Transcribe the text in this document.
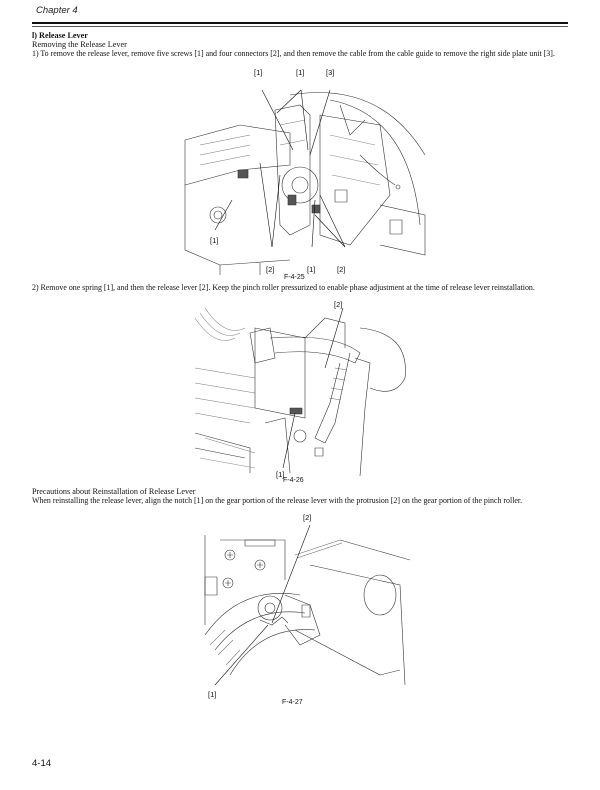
Chapter 4
l) Release Lever
Removing the Release Lever
1) To remove the release lever, remove five screws [1] and four connectors [2], and then remove the cable from the cable guide to remove the right side plate unit [3].
[1]	[1]	[3]
[1]
[2]	[1]	[2]
F-4-25
2) Remove one spring [1], and then the release lever [2]. Keep the pinch roller pressurized to enable phase adjustment at the time of release lever reinstallation.
[2]
[1]
F-4-26
Precautions about Reinstallation of Release Lever
When reinstalling the release lever, align the notch [1] on the gear portion of the release lever with the protrusion [2] on the gear portion of the pinch roller.
[2]
[1]
F-4-27
4-14
